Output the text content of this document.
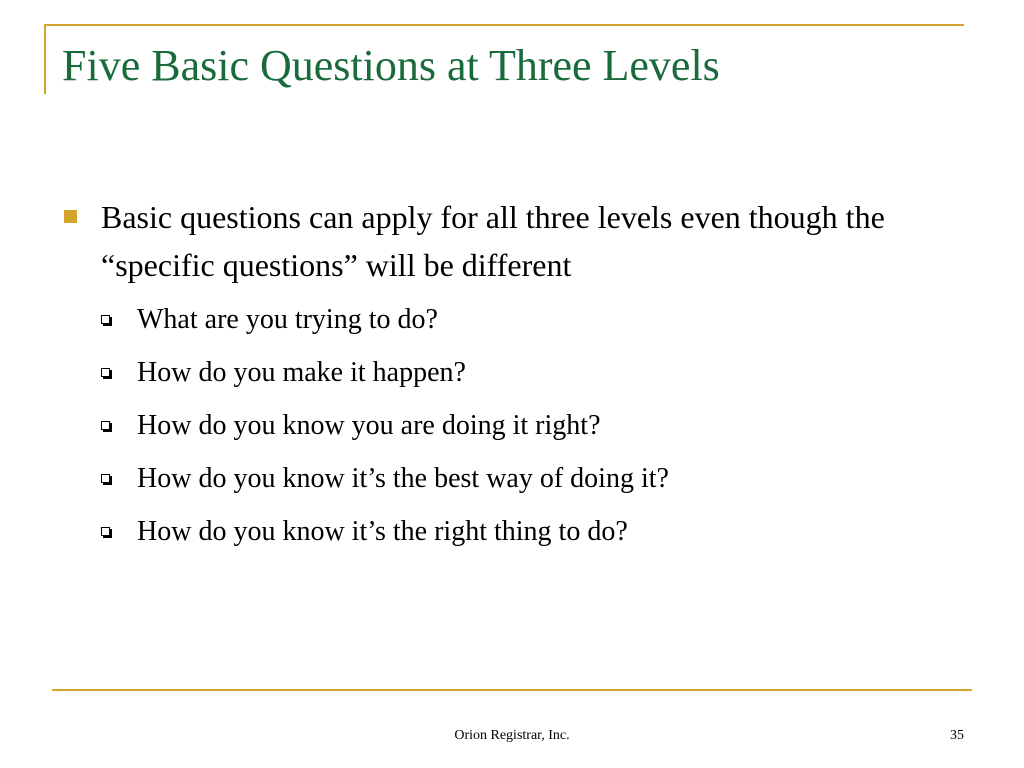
Five Basic Questions at Three Levels
Basic questions can apply for all three levels even though the “specific questions” will be different
What are you trying to do?
How do you make it happen?
How do you know you are doing it right?
How do you know it’s the best way of doing it?
How do you know it’s the right thing to do?
Orion Registrar, Inc.	35
